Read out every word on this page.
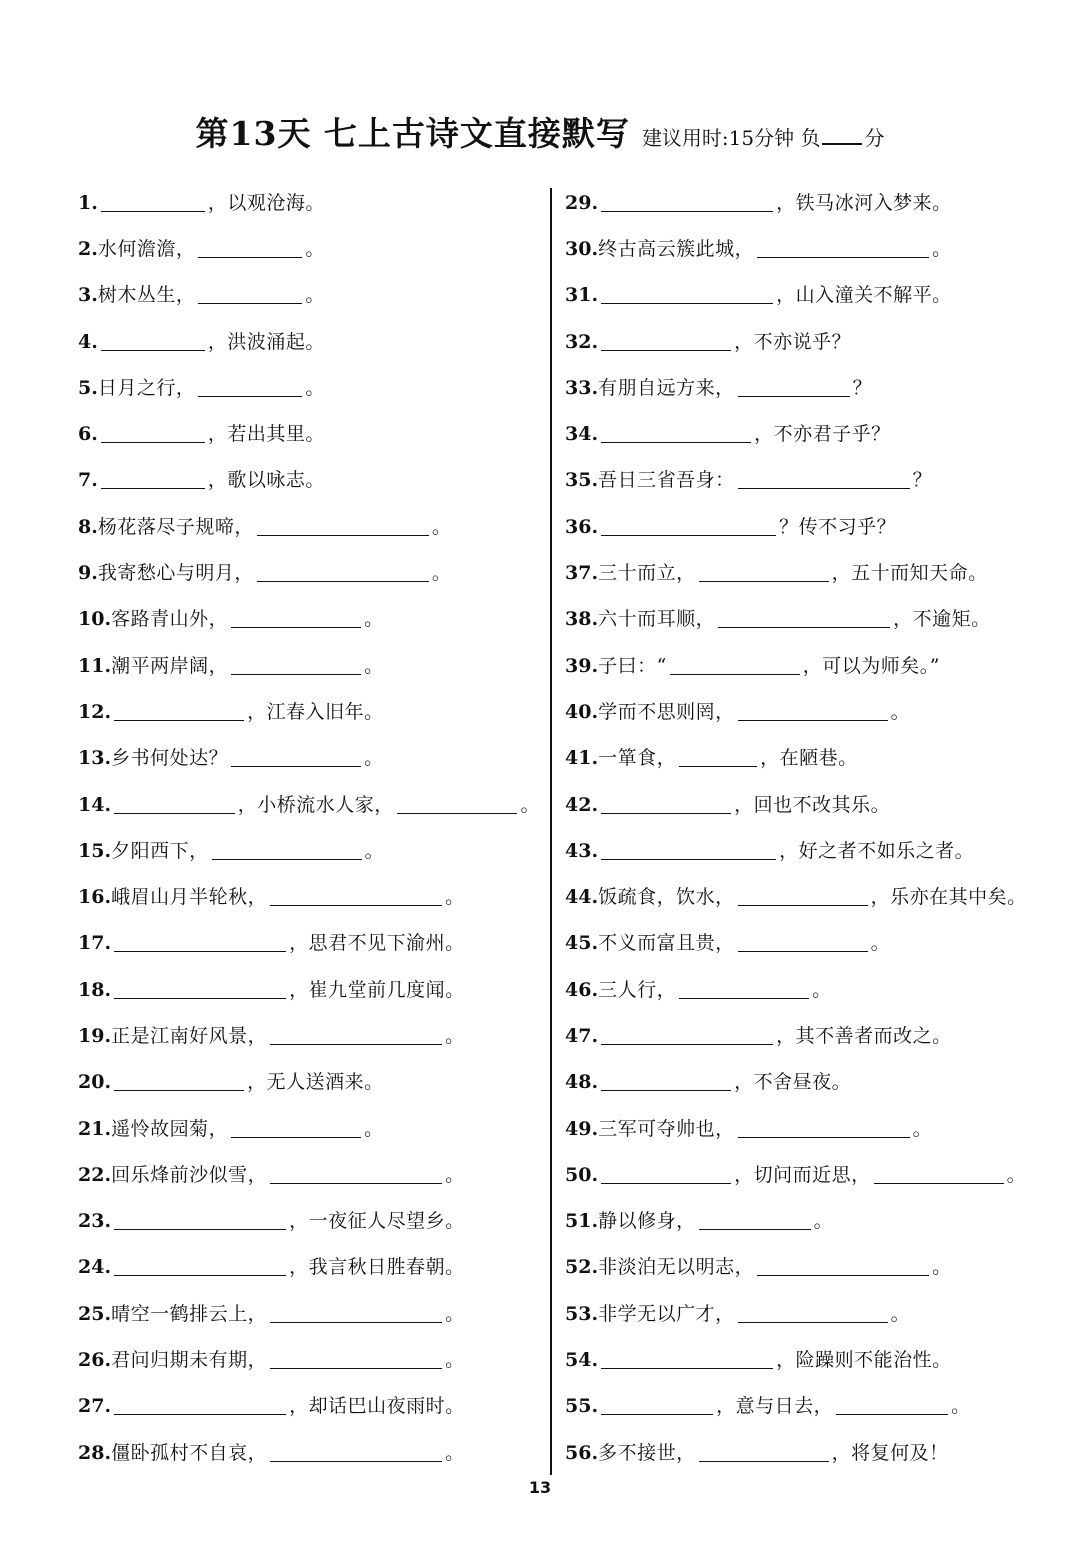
第13天 七上古诗文直接默写 建议用时:15分钟 负 分
1.	，以观沧海。
2. 水何澹澹，	。
3. 树木丛生，	。
4.	，洪波涌起。
5. 日月之行，	。
6.	，若出其里。
7.	，歌以咏志。
8. 杨花落尽子规啼，	。
9. 我寄愁心与明月，	。
10. 客路青山外，	。
11. 潮平两岸阔，	。
12.	，江春入旧年。
13. 乡书何处达？	。
14.	，小桥流水人家，	。
15. 夕阳西下，	。
16. 峨眉山月半轮秋，	。
17.	，思君不见下渝州。
18.	，崔九堂前几度闻。
19. 正是江南好风景，	。
20.	，无人送酒来。
21. 遥怜故园菊，	。
22. 回乐烽前沙似雪，	。
23.	，一夜征人尽望乡。
24.	，我言秋日胜春朝。
25. 晴空一鹤排云上，	。
26. 君问归期未有期，	。
27.	，却话巴山夜雨时。
28. 僵卧孤村不自哀，	。
29.	，铁马冰河入梦来。
30. 终古高云簇此城，	。
31.	，山入潼关不解平。
32.	，不亦说乎？
33. 有朋自远方来，	？
34.	，不亦君子乎？
35. 吾日三省吾身：	？
36.	？传不习乎？
37. 三十而立，	，五十而知天命。
38. 六十而耳顺，	，不逾矩。
39. 子曰：“	，可以为师矣。”
40. 学而不思则罔，	。
41. 一箪食，	，在陋巷。
42.	，回也不改其乐。
43.	，好之者不如乐之者。
44. 饭疏食，饮水，	，乐亦在其中矣。
45. 不义而富且贵，	。
46. 三人行，	。
47.	，其不善者而改之。
48.	，不舍昼夜。
49. 三军可夺帅也，	。
50.	，切问而近思，	。
51. 静以修身，	。
52. 非淡泊无以明志，	。
53. 非学无以广才，	。
54.	，险躁则不能治性。
55.	，意与日去，	。
56. 多不接世，	，将复何及！
13
